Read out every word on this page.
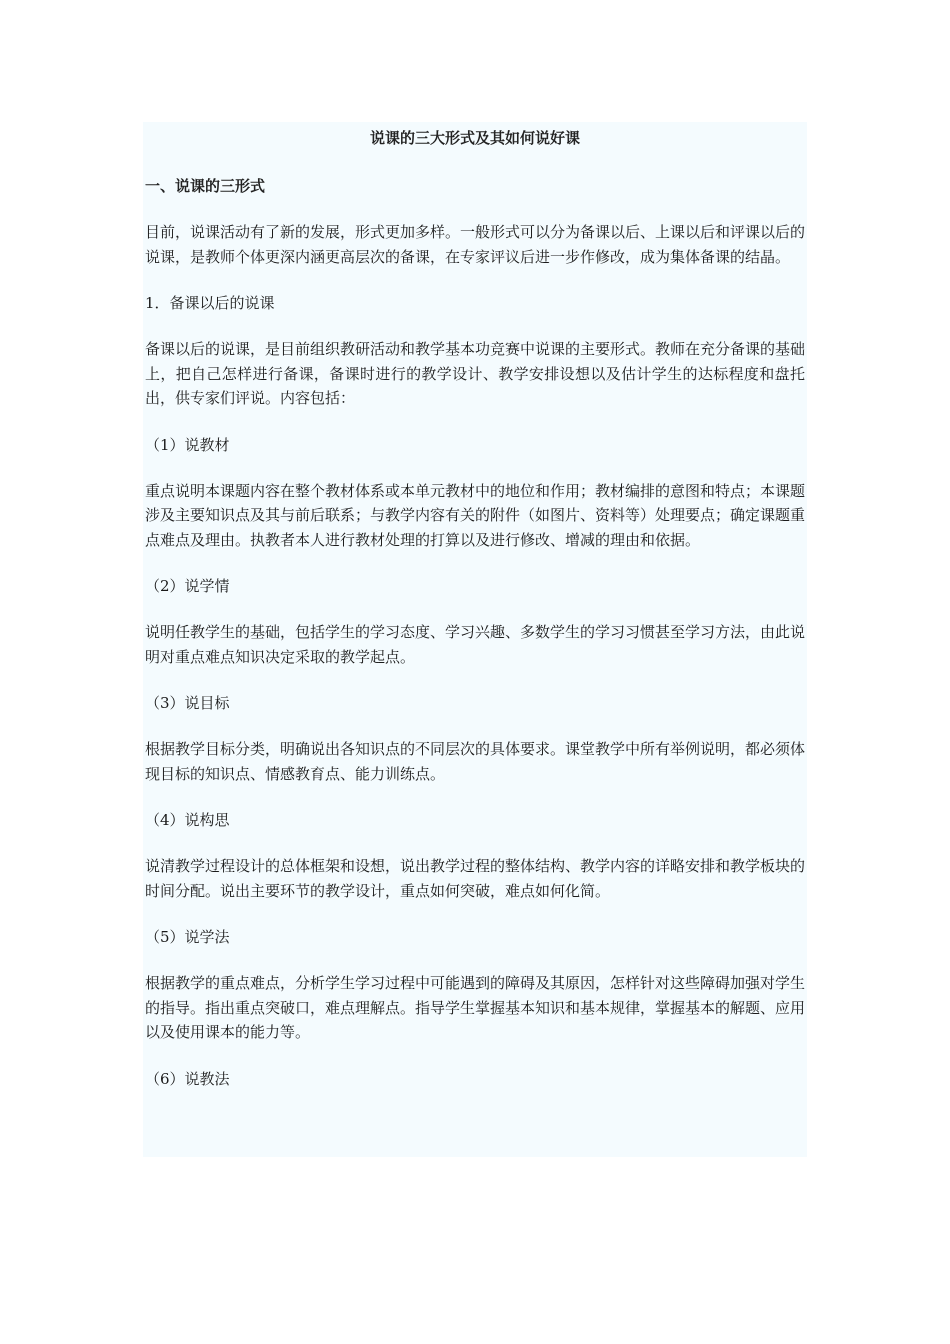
说课的三大形式及其如何说好课
一、说课的三形式

目前，说课活动有了新的发展，形式更加多样。一般形式可以分为备课以后、上课以后和评课以后的说课，是教师个体更深内涵更高层次的备课，在专家评议后进一步作修改，成为集体备课的结晶。

1．备课以后的说课

备课以后的说课，是目前组织教研活动和教学基本功竞赛中说课的主要形式。教师在充分备课的基础上，把自己怎样进行备课，备课时进行的教学设计、教学安排设想以及估计学生的达标程度和盘托出，供专家们评说。内容包括：

（1）说教材

重点说明本课题内容在整个教材体系或本单元教材中的地位和作用；教材编排的意图和特点；本课题涉及主要知识点及其与前后联系；与教学内容有关的附件（如图片、资料等）处理要点；确定课题重点难点及理由。执教者本人进行教材处理的打算以及进行修改、增减的理由和依据。

（2）说学情

说明任教学生的基础，包括学生的学习态度、学习兴趣、多数学生的学习习惯甚至学习方法，由此说明对重点难点知识决定采取的教学起点。

（3）说目标

根据教学目标分类，明确说出各知识点的不同层次的具体要求。课堂教学中所有举例说明，都必须体现目标的知识点、情感教育点、能力训练点。

（4）说构思

说清教学过程设计的总体框架和设想，说出教学过程的整体结构、教学内容的详略安排和教学板块的时间分配。说出主要环节的教学设计，重点如何突破，难点如何化简。

（5）说学法

根据教学的重点难点，分析学生学习过程中可能遇到的障碍及其原因，怎样针对这些障碍加强对学生的指导。指出重点突破口，难点理解点。指导学生掌握基本知识和基本规律，掌握基本的解题、应用以及使用课本的能力等。

（6）说教法
